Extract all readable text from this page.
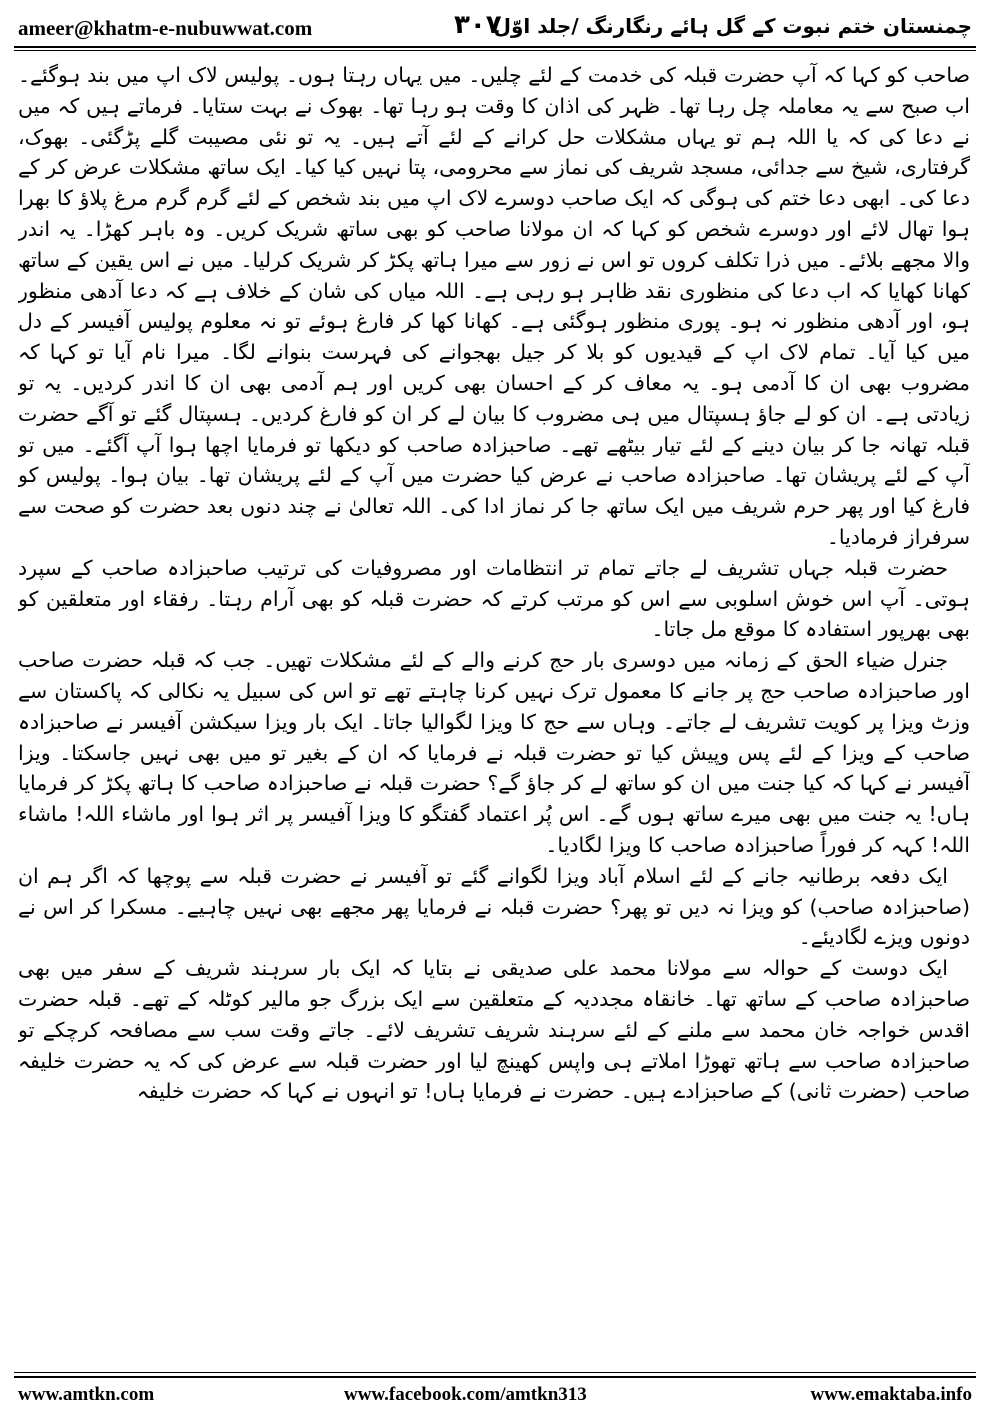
ameer@khatm-e-nubuwwat.com	۳۰۷
چمنستان ختم نبوت کے گل ہائے رنگارنگ /جلد اوّل

صاحب کو کہا کہ آپ حضرت قبلہ کی خدمت کے لئے چلیں۔ میں یہاں رہتا ہوں۔ پولیس لاک اپ میں بند ہوگئے۔ اب صبح سے یہ معاملہ چل رہا تھا۔ ظہر کی اذان کا وقت ہو رہا تھا۔ بھوک نے بہت ستایا۔ فرماتے ہیں کہ میں نے دعا کی کہ یا اللہ ہم تو یہاں مشکلات حل کرانے کے لئے آتے ہیں۔ یہ تو نئی مصیبت گلے پڑگئی۔ بھوک، گرفتاری، شیخ سے جدائی، مسجد شریف کی نماز سے محرومی، پتا نہیں کیا کیا۔ ایک ساتھ مشکلات عرض کر کے دعا کی۔ ابھی دعا ختم کی ہوگی کہ ایک صاحب دوسرے لاک اپ میں بند شخص کے لئے گرم گرم مرغ پلاؤ کا بھرا ہوا تھال لائے اور دوسرے شخص کو کہا کہ ان مولانا صاحب کو بھی ساتھ شریک کریں۔ وہ باہر کھڑا۔ یہ اندر والا مجھے بلائے۔ میں ذرا تکلف کروں تو اس نے زور سے میرا ہاتھ پکڑ کر شریک کرلیا۔ میں نے اس یقین کے ساتھ کھانا کھایا کہ اب دعا کی منظوری نقد ظاہر ہو رہی ہے۔ اللہ میاں کی شان کے خلاف ہے کہ دعا آدھی منظور ہو، اور آدھی منظور نہ ہو۔ پوری منظور ہوگئی ہے۔ کھانا کھا کر فارغ ہوئے تو نہ معلوم پولیس آفیسر کے دل میں کیا آیا۔ تمام لاک اپ کے قیدیوں کو بلا کر جیل بھجوانے کی فہرست بنوانے لگا۔ میرا نام آیا تو کہا کہ مضروب بھی ان کا آدمی ہو۔ یہ معاف کر کے احسان بھی کریں اور ہم آدمی بھی ان کا اندر کردیں۔ یہ تو زیادتی ہے۔ ان کو لے جاؤ ہسپتال میں ہی مضروب کا بیان لے کر ان کو فارغ کردیں۔ ہسپتال گئے تو آگے حضرت قبلہ تھانہ جا کر بیان دینے کے لئے تیار بیٹھے تھے۔ صاحبزادہ صاحب کو دیکھا تو فرمایا اچھا ہوا آپ آگئے۔ میں تو آپ کے لئے پریشان تھا۔ صاحبزادہ صاحب نے عرض کیا حضرت میں آپ کے لئے پریشان تھا۔ بیان ہوا۔ پولیس کو فارغ کیا اور پھر حرم شریف میں ایک ساتھ جا کر نماز ادا کی۔ اللہ تعالیٰ نے چند دنوں بعد حضرت کو صحت سے سرفراز فرمادیا۔

حضرت قبلہ جہاں تشریف لے جاتے تمام تر انتظامات اور مصروفیات کی ترتیب صاحبزادہ صاحب کے سپرد ہوتی۔ آپ اس خوش اسلوبی سے اس کو مرتب کرتے کہ حضرت قبلہ کو بھی آرام رہتا۔ رفقاء اور متعلقین کو بھی بھرپور استفادہ کا موقع مل جاتا۔

جنرل ضیاء الحق کے زمانہ میں دوسری بار حج کرنے والے کے لئے مشکلات تھیں۔ جب کہ قبلہ حضرت صاحب اور صاحبزادہ صاحب حج پر جانے کا معمول ترک نہیں کرنا چاہتے تھے تو اس کی سبیل یہ نکالی کہ پاکستان سے وزٹ ویزا پر کویت تشریف لے جاتے۔ وہاں سے حج کا ویزا لگوالیا جاتا۔ ایک بار ویزا سیکشن آفیسر نے صاحبزادہ صاحب کے ویزا کے لئے پس وپیش کیا تو حضرت قبلہ نے فرمایا کہ ان کے بغیر تو میں بھی نہیں جاسکتا۔ ویزا آفیسر نے کہا کہ کیا جنت میں ان کو ساتھ لے کر جاؤ گے؟ حضرت قبلہ نے صاحبزادہ صاحب کا ہاتھ پکڑ کر فرمایا ہاں! یہ جنت میں بھی میرے ساتھ ہوں گے۔ اس پُر اعتماد گفتگو کا ویزا آفیسر پر اثر ہوا اور ماشاء اللہ! ماشاء اللہ! کہہ کر فوراً صاحبزادہ صاحب کا ویزا لگادیا۔

ایک دفعہ برطانیہ جانے کے لئے اسلام آباد ویزا لگوانے گئے تو آفیسر نے حضرت قبلہ سے پوچھا کہ اگر ہم ان (صاحبزادہ صاحب) کو ویزا نہ دیں تو پھر؟ حضرت قبلہ نے فرمایا پھر مجھے بھی نہیں چاہیے۔ مسکرا کر اس نے دونوں ویزے لگادیئے۔

ایک دوست کے حوالہ سے مولانا محمد علی صدیقی نے بتایا کہ ایک بار سرہند شریف کے سفر میں بھی صاحبزادہ صاحب کے ساتھ تھا۔ خانقاہ مجددیہ کے متعلقین سے ایک بزرگ جو مالیر کوٹلہ کے تھے۔ قبلہ حضرت اقدس خواجہ خان محمد سے ملنے کے لئے سرہند شریف تشریف لائے۔ جاتے وقت سب سے مصافحہ کرچکے تو صاحبزادہ صاحب سے ہاتھ تھوڑا املاتے ہی واپس کھینچ لیا اور حضرت قبلہ سے عرض کی کہ یہ حضرت خلیفہ صاحب (حضرت ثانی) کے صاحبزادے ہیں۔ حضرت نے فرمایا ہاں! تو انہوں نے کہا کہ حضرت خلیفہ

www.amtkn.com	www.facebook.com/amtkn313	www.emaktaba.info
